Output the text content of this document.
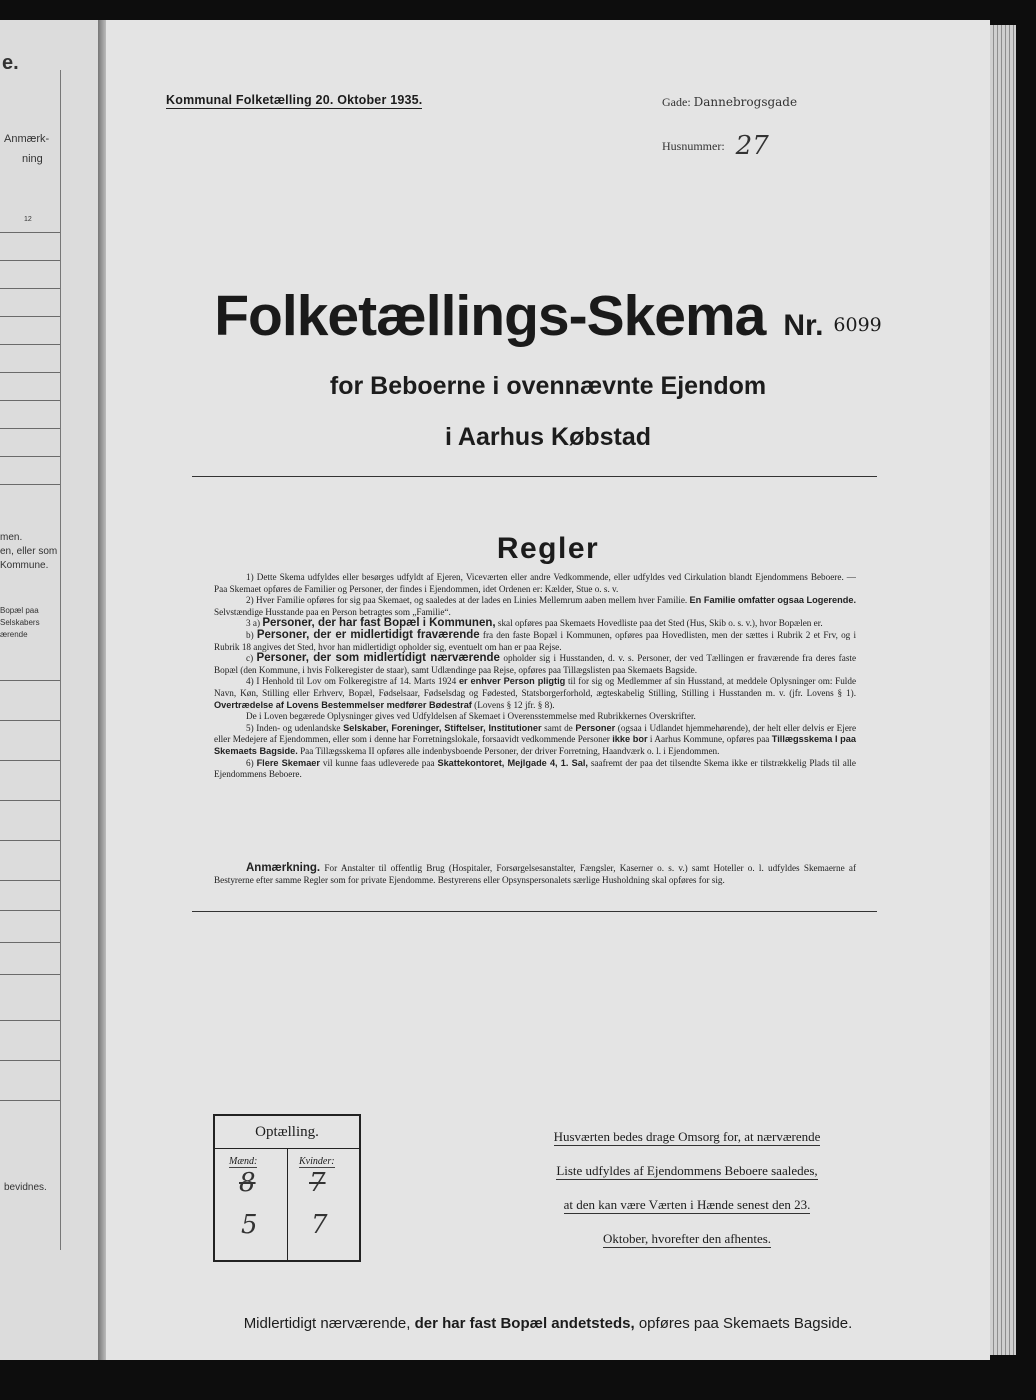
e.
Anmærk-
ning
12
men.
en, eller som
Kommune.
Bopæl paa
Selskabers
ærende
bevidnes.
Kommunal Folketælling 20. Oktober 1935.	Gade: Dannebrogsgade
Husnummer: 27
Folketællings-Skema Nr. 6099
for Beboerne i ovennævnte Ejendom
i Aarhus Købstad
Regler

1) Dette Skema udfyldes eller besørges udfyldt af Ejeren, Viceværten eller andre Vedkommende, eller udfyldes ved Cirkulation blandt Ejendommens Beboere. — Paa Skemaet opføres de Familier og Personer, der findes i Ejendommen, idet Ordenen er: Kælder, Stue o. s. v.

2) Hver Familie opføres for sig paa Skemaet, og saaledes at der lades en Linies Mellemrum aaben mellem hver Familie. En Familie omfatter ogsaa Logerende. Selvstændige Husstande paa en Person betragtes som „Familie“.

3 a) Personer, der har fast Bopæl i Kommunen, skal opføres paa Skemaets Hovedliste paa det Sted (Hus, Skib o. s. v.), hvor Bopælen er.

b) Personer, der er midlertidigt fraværende fra den faste Bopæl i Kommunen, opføres paa Hovedlisten, men der sættes i Rubrik 2 et Frv, og i Rubrik 18 angives det Sted, hvor han midlertidigt opholder sig, eventuelt om han er paa Rejse.

c) Personer, der som midlertidigt nærværende opholder sig i Husstanden, d. v. s. Personer, der ved Tællingen er fraværende fra deres faste Bopæl (den Kommune, i hvis Folkeregister de staar), samt Udlændinge paa Rejse, opføres paa Tillægslisten paa Skemaets Bagside.

4) I Henhold til Lov om Folkeregistre af 14. Marts 1924 er enhver Person pligtig til for sig og Medlemmer af sin Husstand, at meddele Oplysninger om: Fulde Navn, Køn, Stilling eller Erhverv, Bopæl, Fødselsaar, Fødselsdag og Fødested, Statsborgerforhold, ægteskabelig Stilling, Stilling i Husstanden m. v. (jfr. Lovens § 1). Overtrædelse af Lovens Bestemmelser medfører Bødestraf (Lovens § 12 jfr. § 8).

De i Loven begærede Oplysninger gives ved Udfyldelsen af Skemaet i Overensstemmelse med Rubrikkernes Overskrifter.

5) Inden- og udenlandske Selskaber, Foreninger, Stiftelser, Institutioner samt de Personer (ogsaa i Udlandet hjemmehørende), der helt eller delvis er Ejere eller Medejere af Ejendommen, eller som i denne har Forretningslokale, forsaavidt vedkommende Personer ikke bor i Aarhus Kommune, opføres paa Tillægsskema I paa Skemaets Bagside. Paa Tillægsskema II opføres alle indenbysboende Personer, der driver Forretning, Haandværk o. l. i Ejendommen.

6) Flere Skemaer vil kunne faas udleverede paa Skattekontoret, Mejlgade 4, 1. Sal, saafremt der paa det tilsendte Skema ikke er tilstrækkelig Plads til alle Ejendommens Beboere.

Anmærkning. For Anstalter til offentlig Brug (Hospitaler, Forsørgelsesanstalter, Fængsler, Kaserner o. s. v.) samt Hoteller o. l. udfyldes Skemaerne af Bestyrerne efter samme Regler som for private Ejendomme. Bestyrerens eller Opsynspersonalets særlige Husholdning skal opføres for sig.

Optælling.
Mænd:	Kvinder:
8 7
5 7
Husværten bedes drage Omsorg for, at nærværende
Liste udfyldes af Ejendommens Beboere saaledes,
at den kan være Værten i Hænde senest den 23.
Oktober, hvorefter den afhentes.
Midlertidigt nærværende, der har fast Bopæl andetsteds, opføres paa Skemaets Bagside.
